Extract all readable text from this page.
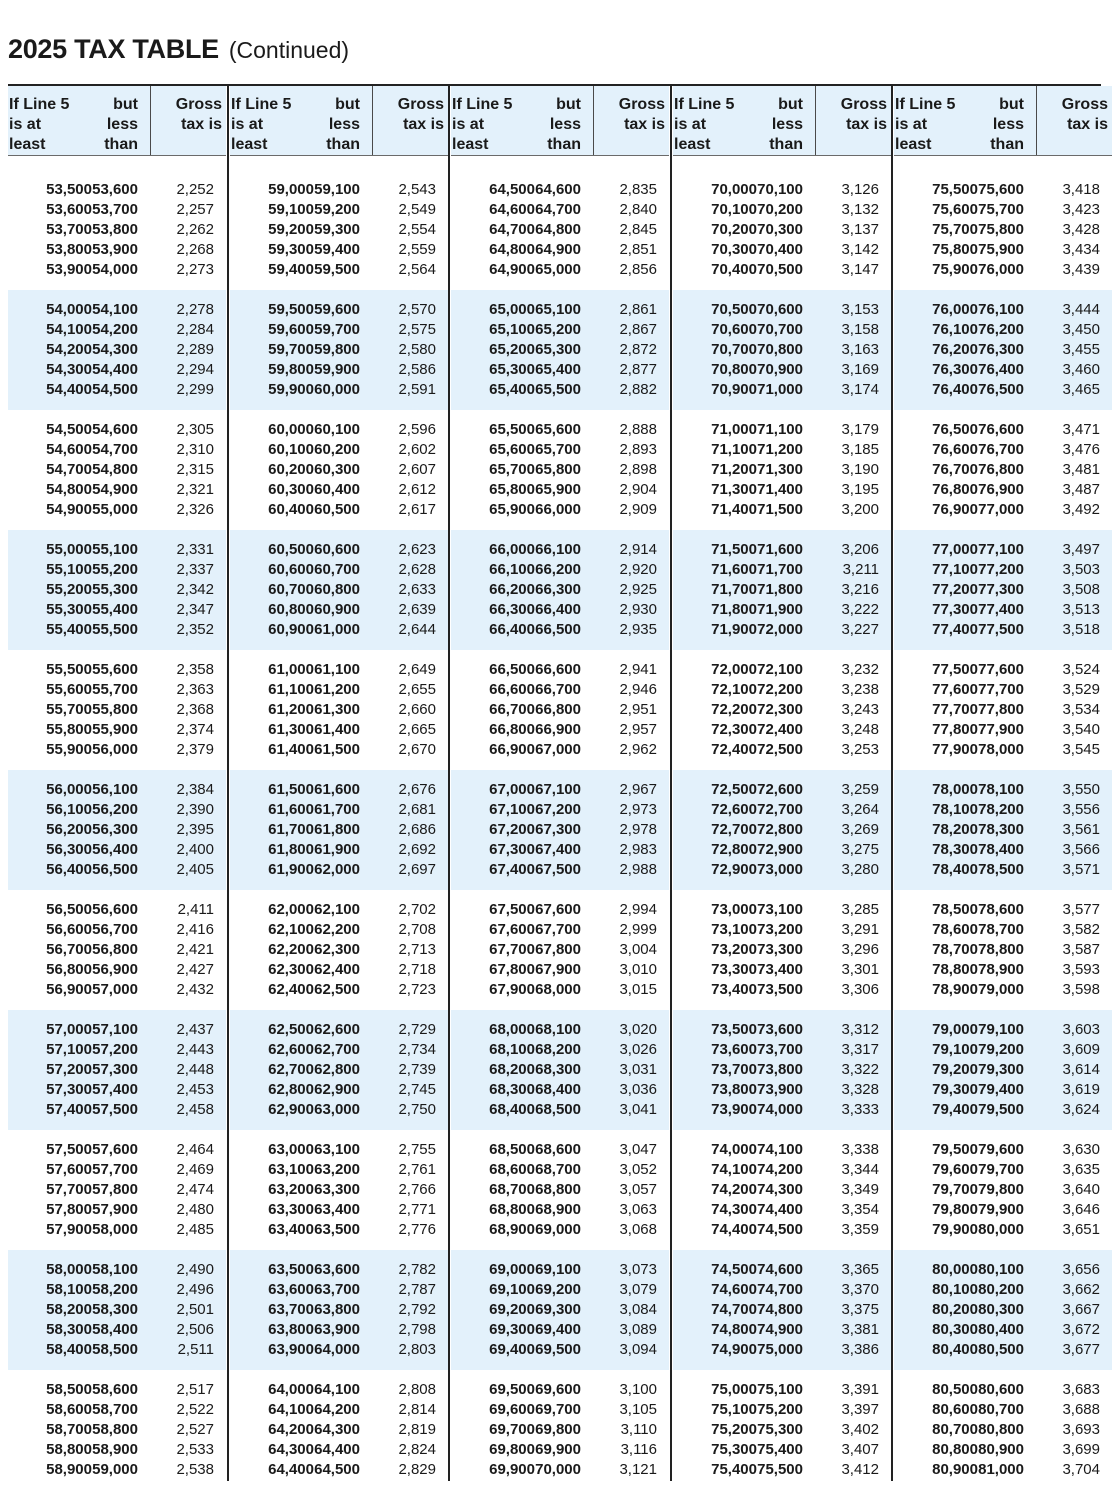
2025 TAX TABLE (Continued)
If Line 5
is at
least
but
less
than
Gross
tax is
53,500 53,600	2,252
53,600 53,700	2,257
53,700 53,800	2,262
53,800 53,900	2,268
53,900 54,000	2,273
54,000 54,100	2,278
54,100 54,200	2,284
54,200 54,300	2,289
54,300 54,400	2,294
54,400 54,500	2,299
54,500 54,600	2,305
54,600 54,700	2,310
54,700 54,800	2,315
54,800 54,900	2,321
54,900 55,000	2,326
55,000 55,100	2,331
55,100 55,200	2,337
55,200 55,300	2,342
55,300 55,400	2,347
55,400 55,500	2,352
55,500 55,600	2,358
55,600 55,700	2,363
55,700 55,800	2,368
55,800 55,900	2,374
55,900 56,000	2,379
56,000 56,100	2,384
56,100 56,200	2,390
56,200 56,300	2,395
56,300 56,400	2,400
56,400 56,500	2,405
56,500 56,600	2,411
56,600 56,700	2,416
56,700 56,800	2,421
56,800 56,900	2,427
56,900 57,000	2,432
57,000 57,100	2,437
57,100 57,200	2,443
57,200 57,300	2,448
57,300 57,400	2,453
57,400 57,500	2,458
57,500 57,600	2,464
57,600 57,700	2,469
57,700 57,800	2,474
57,800 57,900	2,480
57,900 58,000	2,485
58,000 58,100	2,490
58,100 58,200	2,496
58,200 58,300	2,501
58,300 58,400	2,506
58,400 58,500	2,511
58,500 58,600	2,517
58,600 58,700	2,522
58,700 58,800	2,527
58,800 58,900	2,533
58,900 59,000	2,538
If Line 5
is at
least
but
less
than
Gross
tax is
59,000 59,100	2,543
59,100 59,200	2,549
59,200 59,300	2,554
59,300 59,400	2,559
59,400 59,500	2,564
59,500 59,600	2,570
59,600 59,700	2,575
59,700 59,800	2,580
59,800 59,900	2,586
59,900 60,000	2,591
60,000 60,100	2,596
60,100 60,200	2,602
60,200 60,300	2,607
60,300 60,400	2,612
60,400 60,500	2,617
60,500 60,600	2,623
60,600 60,700	2,628
60,700 60,800	2,633
60,800 60,900	2,639
60,900 61,000	2,644
61,000 61,100	2,649
61,100 61,200	2,655
61,200 61,300	2,660
61,300 61,400	2,665
61,400 61,500	2,670
61,500 61,600	2,676
61,600 61,700	2,681
61,700 61,800	2,686
61,800 61,900	2,692
61,900 62,000	2,697
62,000 62,100	2,702
62,100 62,200	2,708
62,200 62,300	2,713
62,300 62,400	2,718
62,400 62,500	2,723
62,500 62,600	2,729
62,600 62,700	2,734
62,700 62,800	2,739
62,800 62,900	2,745
62,900 63,000	2,750
63,000 63,100	2,755
63,100 63,200	2,761
63,200 63,300	2,766
63,300 63,400	2,771
63,400 63,500	2,776
63,500 63,600	2,782
63,600 63,700	2,787
63,700 63,800	2,792
63,800 63,900	2,798
63,900 64,000	2,803
64,000 64,100	2,808
64,100 64,200	2,814
64,200 64,300	2,819
64,300 64,400	2,824
64,400 64,500	2,829
If Line 5
is at
least
but
less
than
Gross
tax is
64,500 64,600	2,835
64,600 64,700	2,840
64,700 64,800	2,845
64,800 64,900	2,851
64,900 65,000	2,856
65,000 65,100	2,861
65,100 65,200	2,867
65,200 65,300	2,872
65,300 65,400	2,877
65,400 65,500	2,882
65,500 65,600	2,888
65,600 65,700	2,893
65,700 65,800	2,898
65,800 65,900	2,904
65,900 66,000	2,909
66,000 66,100	2,914
66,100 66,200	2,920
66,200 66,300	2,925
66,300 66,400	2,930
66,400 66,500	2,935
66,500 66,600	2,941
66,600 66,700	2,946
66,700 66,800	2,951
66,800 66,900	2,957
66,900 67,000	2,962
67,000 67,100	2,967
67,100 67,200	2,973
67,200 67,300	2,978
67,300 67,400	2,983
67,400 67,500	2,988
67,500 67,600	2,994
67,600 67,700	2,999
67,700 67,800	3,004
67,800 67,900	3,010
67,900 68,000	3,015
68,000 68,100	3,020
68,100 68,200	3,026
68,200 68,300	3,031
68,300 68,400	3,036
68,400 68,500	3,041
68,500 68,600	3,047
68,600 68,700	3,052
68,700 68,800	3,057
68,800 68,900	3,063
68,900 69,000	3,068
69,000 69,100	3,073
69,100 69,200	3,079
69,200 69,300	3,084
69,300 69,400	3,089
69,400 69,500	3,094
69,500 69,600	3,100
69,600 69,700	3,105
69,700 69,800	3,110
69,800 69,900	3,116
69,900 70,000	3,121
If Line 5
is at
least
but
less
than
Gross
tax is
70,000 70,100	3,126
70,100 70,200	3,132
70,200 70,300	3,137
70,300 70,400	3,142
70,400 70,500	3,147
70,500 70,600	3,153
70,600 70,700	3,158
70,700 70,800	3,163
70,800 70,900	3,169
70,900 71,000	3,174
71,000 71,100	3,179
71,100 71,200	3,185
71,200 71,300	3,190
71,300 71,400	3,195
71,400 71,500	3,200
71,500 71,600	3,206
71,600 71,700	3,211
71,700 71,800	3,216
71,800 71,900	3,222
71,900 72,000	3,227
72,000 72,100	3,232
72,100 72,200	3,238
72,200 72,300	3,243
72,300 72,400	3,248
72,400 72,500	3,253
72,500 72,600	3,259
72,600 72,700	3,264
72,700 72,800	3,269
72,800 72,900	3,275
72,900 73,000	3,280
73,000 73,100	3,285
73,100 73,200	3,291
73,200 73,300	3,296
73,300 73,400	3,301
73,400 73,500	3,306
73,500 73,600	3,312
73,600 73,700	3,317
73,700 73,800	3,322
73,800 73,900	3,328
73,900 74,000	3,333
74,000 74,100	3,338
74,100 74,200	3,344
74,200 74,300	3,349
74,300 74,400	3,354
74,400 74,500	3,359
74,500 74,600	3,365
74,600 74,700	3,370
74,700 74,800	3,375
74,800 74,900	3,381
74,900 75,000	3,386
75,000 75,100	3,391
75,100 75,200	3,397
75,200 75,300	3,402
75,300 75,400	3,407
75,400 75,500	3,412
If Line 5
is at
least
but
less
than
Gross
tax is
75,500 75,600	3,418
75,600 75,700	3,423
75,700 75,800	3,428
75,800 75,900	3,434
75,900 76,000	3,439
76,000 76,100	3,444
76,100 76,200	3,450
76,200 76,300	3,455
76,300 76,400	3,460
76,400 76,500	3,465
76,500 76,600	3,471
76,600 76,700	3,476
76,700 76,800	3,481
76,800 76,900	3,487
76,900 77,000	3,492
77,000 77,100	3,497
77,100 77,200	3,503
77,200 77,300	3,508
77,300 77,400	3,513
77,400 77,500	3,518
77,500 77,600	3,524
77,600 77,700	3,529
77,700 77,800	3,534
77,800 77,900	3,540
77,900 78,000	3,545
78,000 78,100	3,550
78,100 78,200	3,556
78,200 78,300	3,561
78,300 78,400	3,566
78,400 78,500	3,571
78,500 78,600	3,577
78,600 78,700	3,582
78,700 78,800	3,587
78,800 78,900	3,593
78,900 79,000	3,598
79,000 79,100	3,603
79,100 79,200	3,609
79,200 79,300	3,614
79,300 79,400	3,619
79,400 79,500	3,624
79,500 79,600	3,630
79,600 79,700	3,635
79,700 79,800	3,640
79,800 79,900	3,646
79,900 80,000	3,651
80,000 80,100	3,656
80,100 80,200	3,662
80,200 80,300	3,667
80,300 80,400	3,672
80,400 80,500	3,677
80,500 80,600	3,683
80,600 80,700	3,688
80,700 80,800	3,693
80,800 80,900	3,699
80,900 81,000	3,704
